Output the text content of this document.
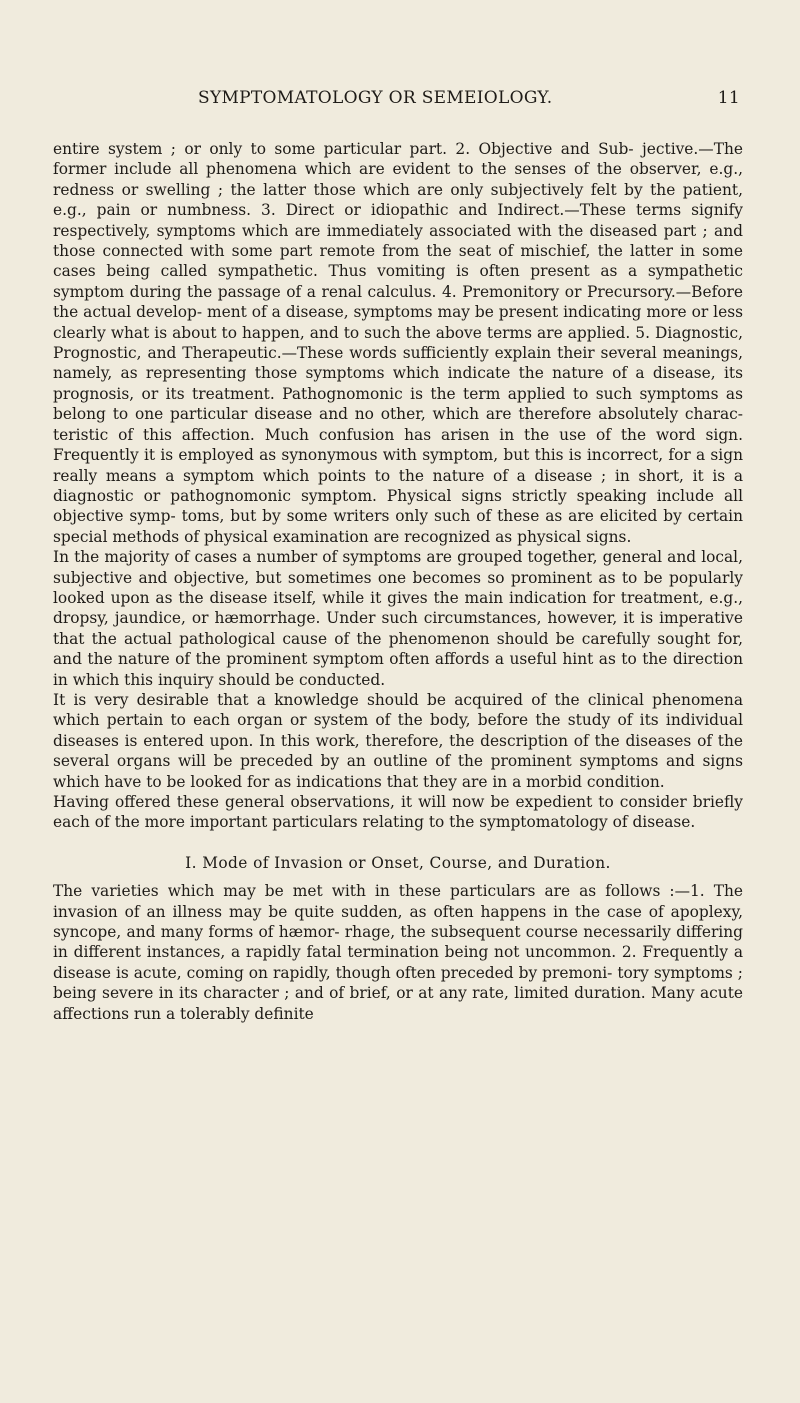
SYMPTOMATOLOGY OR SEMEIOLOGY.	11

entire system ; or only to some particular part. 2. Objective and Sub- jective.—The former include all phenomena which are evident to the senses of the observer, e.g., redness or swelling ; the latter those which are only subjectively felt by the patient, e.g., pain or numbness. 3. Direct or idiopathic and Indirect.—These terms signify respectively, symptoms which are immediately associated with the diseased part ; and those connected with some part remote from the seat of mischief, the latter in some cases being called sympathetic. Thus vomiting is often present as a sympathetic symptom during the passage of a renal calculus. 4. Premonitory or Precursory.—Before the actual develop- ment of a disease, symptoms may be present indicating more or less clearly what is about to happen, and to such the above terms are applied. 5. Diagnostic, Prognostic, and Therapeutic.—These words sufficiently explain their several meanings, namely, as representing those symptoms which indicate the nature of a disease, its prognosis, or its treatment. Pathognomonic is the term applied to such symptoms as belong to one particular disease and no other, which are therefore absolutely charac- teristic of this affection. Much confusion has arisen in the use of the word sign. Frequently it is employed as synonymous with symptom, but this is incorrect, for a sign really means a symptom which points to the nature of a disease ; in short, it is a diagnostic or pathognomonic symptom. Physical signs strictly speaking include all objective symp- toms, but by some writers only such of these as are elicited by certain special methods of physical examination are recognized as physical signs.

In the majority of cases a number of symptoms are grouped together, general and local, subjective and objective, but sometimes one becomes so prominent as to be popularly looked upon as the disease itself, while it gives the main indication for treatment, e.g., dropsy, jaundice, or hæmorrhage. Under such circumstances, however, it is imperative that the actual pathological cause of the phenomenon should be carefully sought for, and the nature of the prominent symptom often affords a useful hint as to the direction in which this inquiry should be conducted.

It is very desirable that a knowledge should be acquired of the clinical phenomena which pertain to each organ or system of the body, before the study of its individual diseases is entered upon. In this work, therefore, the description of the diseases of the several organs will be preceded by an outline of the prominent symptoms and signs which have to be looked for as indications that they are in a morbid condition.

Having offered these general observations, it will now be expedient to consider briefly each of the more important particulars relating to the symptomatology of disease.

I. Mode of Invasion or Onset, Course, and Duration.

The varieties which may be met with in these particulars are as follows :—1. The invasion of an illness may be quite sudden, as often happens in the case of apoplexy, syncope, and many forms of hæmor- rhage, the subsequent course necessarily differing in different instances, a rapidly fatal termination being not uncommon. 2. Frequently a disease is acute, coming on rapidly, though often preceded by premoni- tory symptoms ; being severe in its character ; and of brief, or at any rate, limited duration. Many acute affections run a tolerably definite
